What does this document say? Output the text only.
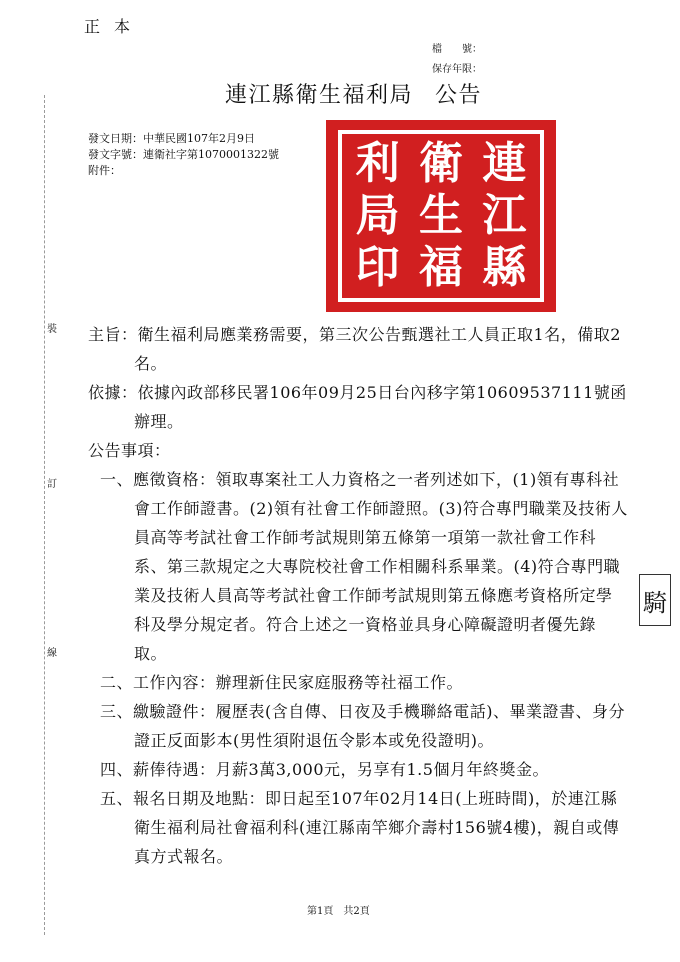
正本
檔　　號：
保存年限：
連江縣衛生福利局 公告
發文日期：中華民國107年2月9日
發文字號：連衛社字第1070001322號
附件：
裝
訂
線
連
衛
利
江
生
局
縣
福
印
主旨：衛生福利局應業務需要，第三次公告甄選社工人員正取1名，備取2名。
依據：依據內政部移民署106年09月25日台內移字第10609537111號函辦理。
公告事項：
一、應徵資格：領取專案社工人力資格之一者列述如下，(1)領有專科社會工作師證書。(2)領有社會工作師證照。(3)符合專門職業及技術人員高等考試社會工作師考試規則第五條第一項第一款社會工作科系、第三款規定之大專院校社會工作相關科系畢業。(4)符合專門職業及技術人員高等考試社會工作師考試規則第五條應考資格所定學科及學分規定者。符合上述之一資格並具身心障礙證明者優先錄取。
二、工作內容：辦理新住民家庭服務等社福工作。
三、繳驗證件：履歷表(含自傳、日夜及手機聯絡電話)、畢業證書、身分證正反面影本(男性須附退伍令影本或免役證明)。
四、薪俸待遇：月薪3萬3,000元，另享有1.5個月年終獎金。
五、報名日期及地點：即日起至107年02月14日(上班時間)，於連江縣衛生福利局社會福利科(連江縣南竿鄉介壽村156號4樓)，親自或傳真方式報名。
騎
第1頁 共2頁
